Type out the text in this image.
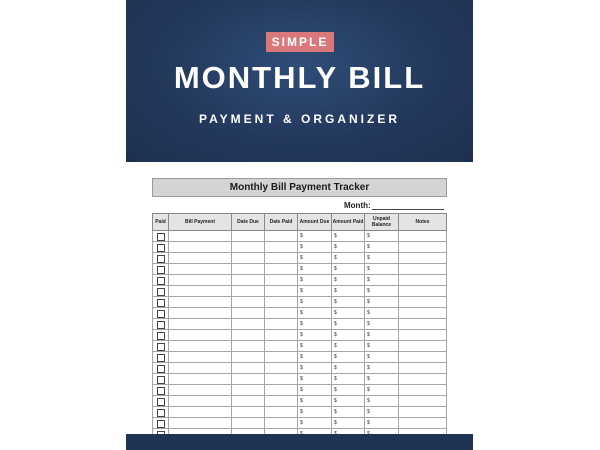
SIMPLE
MONTHLY BILL
PAYMENT & ORGANIZER
Monthly Bill Payment Tracker
Month:
Paid	Bill Payment	Date Due	Date Paid	Amount Due	Amount Paid	Unpaid Balance	Notes

				$	$	$	

				$	$	$	

				$	$	$	

				$	$	$	

				$	$	$	

				$	$	$	

				$	$	$	

				$	$	$	

				$	$	$	

				$	$	$	

				$	$	$	

				$	$	$	

				$	$	$	

				$	$	$	

				$	$	$	

				$	$	$	

				$	$	$	

				$	$	$	
